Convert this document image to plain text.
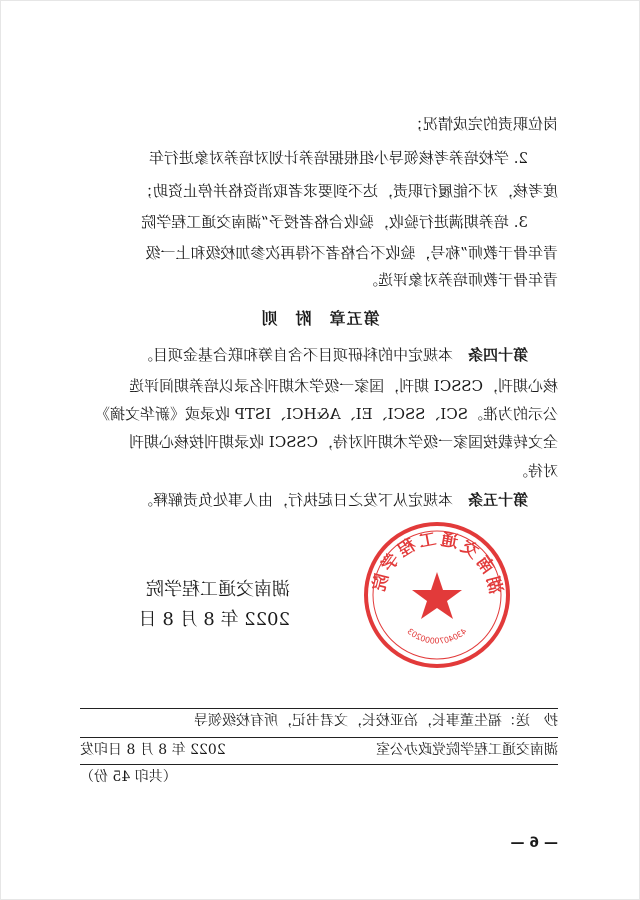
岗位职责的完成情况；
　　2. 学校培养考核领导小组根据培养计划对培养对象进行年
度考核，对不能履行职责，达不到要求者取消资格并停止资助；
　　3. 培养期满进行验收，验收合格者授予“湖南交通工程学院
青年骨干教师”称号，验收不合格者不得再次参加校级和上一级
青年骨干教师培养对象评选。
第五章　附　则
　　第十四条　本规定中的科研项目不含自筹和联合基金项目。
核心期刊，CSSCI 期刊，国家一级学术期刊名录以培养期间评选
公示的为准。SCI、SSCI、EI、A&HCI、ISTP 收录或《新华文摘》
全文转载按国家一级学术期刊对待，CSSCI 收录期刊按核心期刊
对待。
　　第十五条　本规定从下发之日起执行，由人事处负责解释。
湖南交通工程学院
2022 年 8 月 8 日
湖南交通工程学院
4304070000203
抄　送：福生董事长，冶亚校长，文君书记，所有校级领导
湖南交通工程学院党政办公室
2022 年 8 月 8 日印发
（共印 45 份）
— 6 —
